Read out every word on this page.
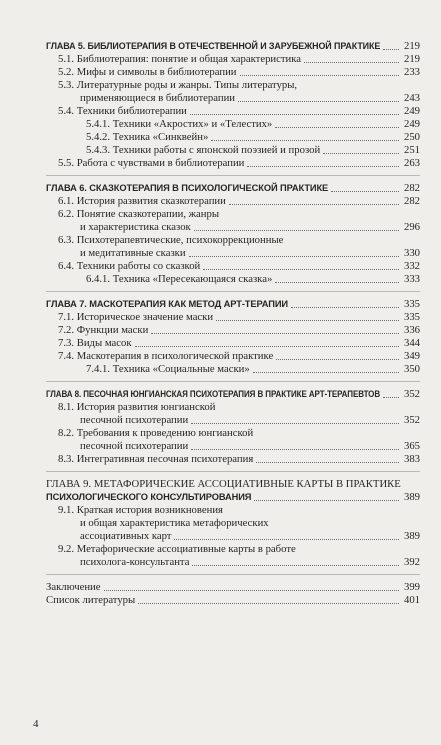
ГЛАВА 5. БИБЛИОТЕРАПИЯ В ОТЕЧЕСТВЕННОЙ И ЗАРУБЕЖНОЙ ПРАКТИКЕ 219
5.1. Библиотерапия: понятие и общая характеристика	219
5.2. Мифы и символы в библиотерапии	233
5.3. Литературные роды и жанры. Типы литературы,
применяющиеся в библиотерапии	243
5.4. Техники библиотерапии	249
5.4.1. Техники «Акростих» и «Телестих»	249
5.4.2. Техника «Синквейн»	250
5.4.3. Техники работы с японской поэзией и прозой	251
5.5. Работа с чувствами в библиотерапии	263
ГЛАВА 6. СКАЗКОТЕРАПИЯ В ПСИХОЛОГИЧЕСКОЙ ПРАКТИКЕ	282
6.1. История развития сказкотерапии	282
6.2. Понятие сказкотерапии, жанры
и характеристика сказок	296
6.3. Психотерапевтические, психокоррекционные
и медитативные сказки	330
6.4. Техники работы со сказкой	332
6.4.1. Техника «Пересекающаяся сказка»	333
ГЛАВА 7. МАСКОТЕРАПИЯ КАК МЕТОД АРТ-ТЕРАПИИ	335
7.1. Историческое значение маски	335
7.2. Функции маски	336
7.3. Виды масок	344
7.4. Маскотерапия в психологической практике	349
7.4.1. Техника «Социальные маски»	350
ГЛАВА 8. ПЕСОЧНАЯ ЮНГИАНСКАЯ ПСИХОТЕРАПИЯ В ПРАКТИКЕ АРТ-ТЕРАПЕВТОВ 352
8.1. История развития юнгианской
песочной психотерапии	352
8.2. Требования к проведению юнгианской
песочной психотерапии	365
8.3. Интегративная песочная психотерапия	383
ГЛАВА 9. МЕТАФОРИЧЕСКИЕ АССОЦИАТИВНЫЕ КАРТЫ В ПРАКТИКЕ
ПСИХОЛОГИЧЕСКОГО КОНСУЛЬТИРОВАНИЯ	389
9.1. Краткая история возникновения
и общая характеристика метафорических
ассоциативных карт	389
9.2. Метафорические ассоциативные карты в работе
психолога-консультанта	392
Заключение	399
Список литературы	401
4
